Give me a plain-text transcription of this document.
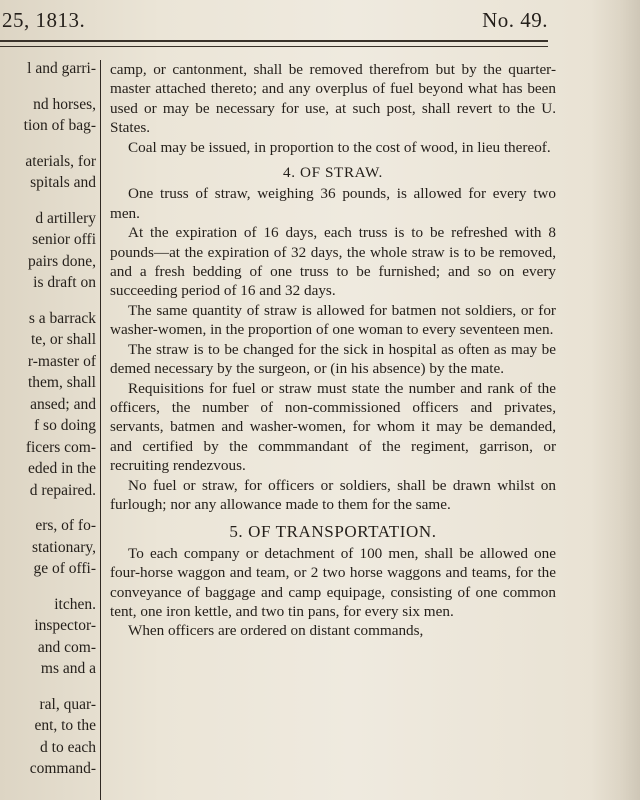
25, 1813.	No. 49.
l and garri-
nd horses,
tion of bag-
aterials, for
spitals and
d artillery
senior offi
pairs done,
is draft on
s a barrack
te, or shall
r-master of
them, shall
ansed; and
f so doing
ficers com-
eded in the
d repaired.
ers, of fo-
stationary,
ge of offi-
itchen.
inspector-
and com-
ms and a
ral, quar-
ent, to the
d to each
command-

camp, or cantonment, shall be removed therefrom but by the quarter-master attached thereto; and any overplus of fuel beyond what has been used or may be necessary for use, at such post, shall revert to the U. States.

Coal may be issued, in proportion to the cost of wood, in lieu thereof.

4. OF STRAW.

One truss of straw, weighing 36 pounds, is allowed for every two men.

At the expiration of 16 days, each truss is to be refreshed with 8 pounds—at the expiration of 32 days, the whole straw is to be removed, and a fresh bedding of one truss to be furnished; and so on every succeeding period of 16 and 32 days.

The same quantity of straw is allowed for batmen not soldiers, or for washer-women, in the proportion of one woman to every seventeen men.

The straw is to be changed for the sick in hospital as often as may be demed necessary by the surgeon, or (in his absence) by the mate.

Requisitions for fuel or straw must state the number and rank of the officers, the number of non-commissioned officers and privates, servants, batmen and washer-women, for whom it may be demanded, and certified by the commmandant of the regiment, garrison, or recruiting rendezvous.

No fuel or straw, for officers or soldiers, shall be drawn whilst on furlough; nor any allowance made to them for the same.

5. OF TRANSPORTATION.

To each company or detachment of 100 men, shall be allowed one four-horse waggon and team, or 2 two horse waggons and teams, for the conveyance of baggage and camp equipage, consisting of one common tent, one iron kettle, and two tin pans, for every six men.

When officers are ordered on distant commands,
